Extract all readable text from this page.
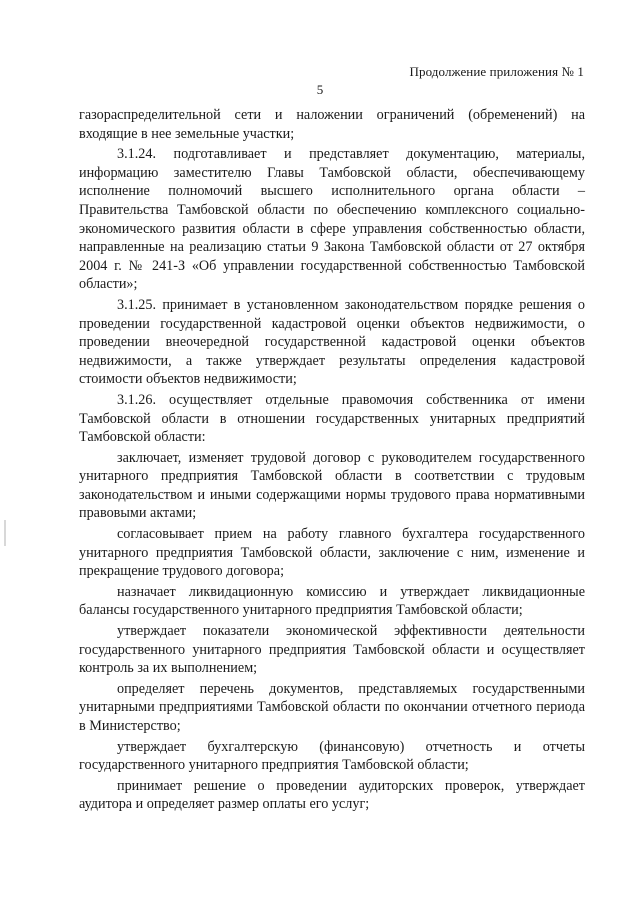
Продолжение приложения № 1
5

газораспределительной сети и наложении ограничений (обременений) на входящие в нее земельные участки;

3.1.24. подготавливает и представляет документацию, материалы, информацию заместителю Главы Тамбовской области, обеспечивающему исполнение полномочий высшего исполнительного органа области – Правительства Тамбовской области по обеспечению комплексного социально-экономического развития области в сфере управления собственностью области, направленные на реализацию статьи 9 Закона Тамбовской области от 27 октября 2004 г. № 241-З «Об управлении государственной собственностью Тамбовской области»;

3.1.25. принимает в установленном законодательством порядке решения о проведении государственной кадастровой оценки объектов недвижимости, о проведении внеочередной государственной кадастровой оценки объектов недвижимости, а также утверждает результаты определения кадастровой стоимости объектов недвижимости;

3.1.26. осуществляет отдельные правомочия собственника от имени Тамбовской области в отношении государственных унитарных предприятий Тамбовской области:

заключает, изменяет трудовой договор с руководителем государственного унитарного предприятия Тамбовской области в соответствии с трудовым законодательством и иными содержащими нормы трудового права нормативными правовыми актами;

согласовывает прием на работу главного бухгалтера государственного унитарного предприятия Тамбовской области, заключение с ним, изменение и прекращение трудового договора;

назначает ликвидационную комиссию и утверждает ликвидационные балансы государственного унитарного предприятия Тамбовской области;

утверждает показатели экономической эффективности деятельности государственного унитарного предприятия Тамбовской области и осуществляет контроль за их выполнением;

определяет перечень документов, представляемых государственными унитарными предприятиями Тамбовской области по окончании отчетного периода в Министерство;

утверждает бухгалтерскую (финансовую) отчетность и отчеты государственного унитарного предприятия Тамбовской области;

принимает решение о проведении аудиторских проверок, утверждает аудитора и определяет размер оплаты его услуг;
